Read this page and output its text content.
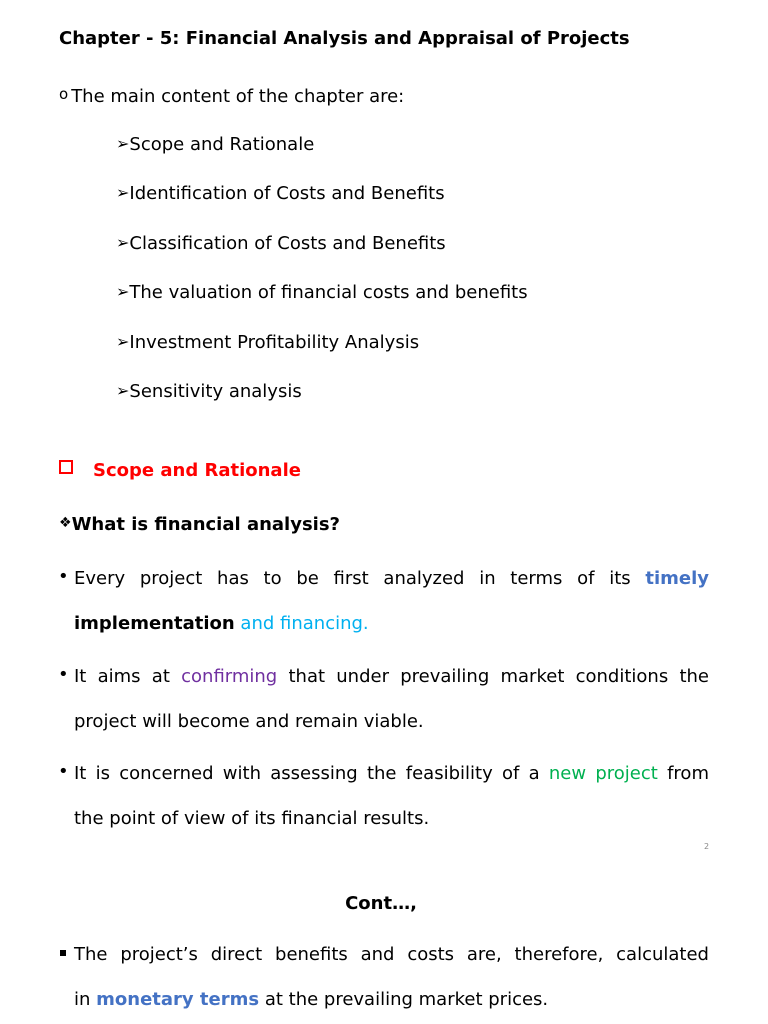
Chapter - 5: Financial Analysis and Appraisal of Projects
o The main content of the chapter are:
➢Scope and Rationale
➢Identification of Costs and Benefits
➢Classification of Costs and Benefits
➢The valuation of financial costs and benefits
➢Investment Profitability Analysis
➢Sensitivity analysis
Scope and Rationale
❖What is financial analysis?
• Every project has to be first analyzed in terms of its timely
implementation and financing.
• It aims at confirming that under prevailing market conditions the
project will become and remain viable.
• It is concerned with assessing the feasibility of a new project from
the point of view of its financial results.
2
Cont…,
The project’s direct benefits and costs are, therefore, calculated
in monetary terms at the prevailing market prices.
